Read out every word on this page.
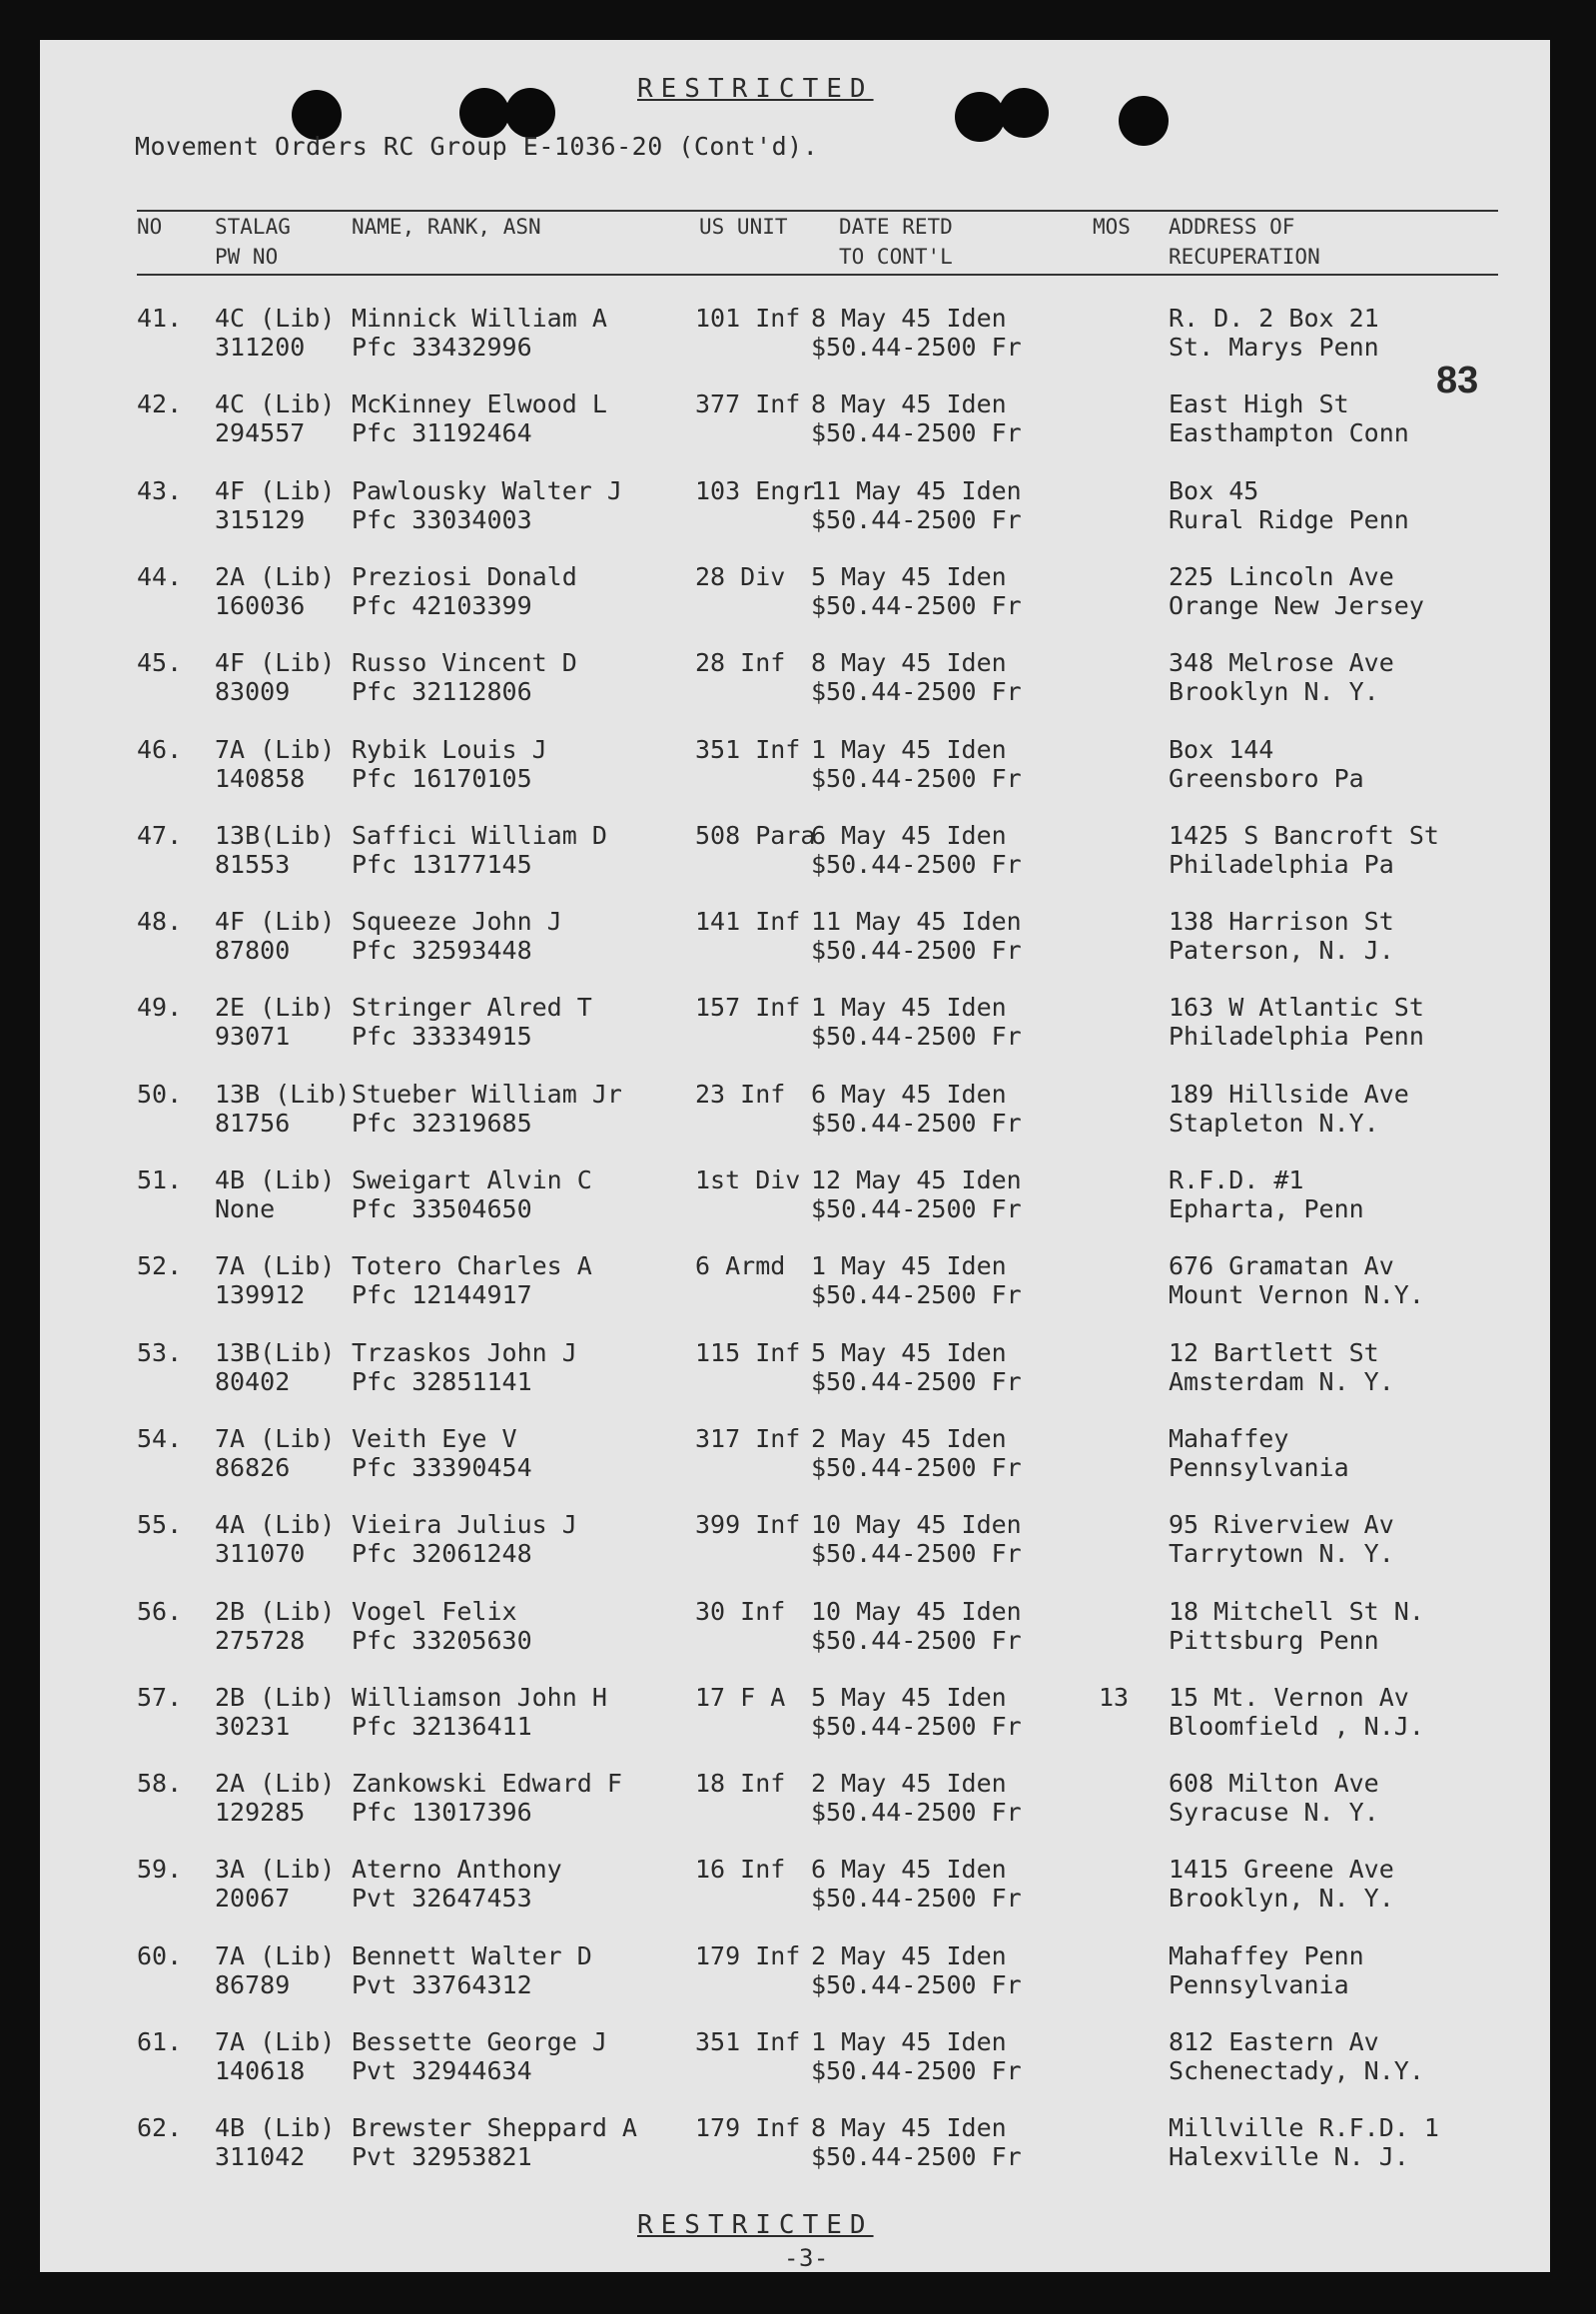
RESTRICTED
Movement Orders RC Group E-1036-20 (Cont'd).
83
NO	STALAG
PW NO
NAME, RANK, ASN	US UNIT DATE RETD
TO CONT'L
MOS ADDRESS OF
RECUPERATION
41. 4C (Lib)
311200
Minnick William A
Pfc 33432996
101 Inf 8 May 45 Iden
$50.44-2500 Fr
R. D. 2 Box 21
St. Marys Penn
42. 4C (Lib)
294557
McKinney Elwood L
Pfc 31192464
377 Inf 8 May 45 Iden
$50.44-2500 Fr
East High St
Easthampton Conn
43. 4F (Lib)
315129
Pawlousky Walter J
Pfc 33034003
103 Engr
11 May 45 Iden
$50.44-2500 Fr
Box 45
Rural Ridge Penn
44. 2A (Lib)
160036
Preziosi Donald
Pfc 42103399
28 Div 5 May 45 Iden
$50.44-2500 Fr
225 Lincoln Ave
Orange New Jersey
45. 4F (Lib)
83009
Russo Vincent D
Pfc 32112806
28 Inf 8 May 45 Iden
$50.44-2500 Fr
348 Melrose Ave
Brooklyn N. Y.
46. 7A (Lib)
140858
Rybik Louis J
Pfc 16170105
351 Inf 1 May 45 Iden
$50.44-2500 Fr
Box 144
Greensboro Pa
47. 13B(Lib)
81553
Saffici William D
Pfc 13177145
508 Para
6 May 45 Iden
$50.44-2500 Fr
1425 S Bancroft St
Philadelphia Pa
48. 4F (Lib)
87800
Squeeze John J
Pfc 32593448
141 Inf 11 May 45 Iden
$50.44-2500 Fr
138 Harrison St
Paterson, N. J.
49. 2E (Lib)
93071
Stringer Alred T
Pfc 33334915
157 Inf 1 May 45 Iden
$50.44-2500 Fr
163 W Atlantic St
Philadelphia Penn
50. 13B (Lib)
81756
Stueber William Jr
Pfc 32319685
23 Inf 6 May 45 Iden
$50.44-2500 Fr
189 Hillside Ave
Stapleton N.Y.
51. 4B (Lib)
None
Sweigart Alvin C
Pfc 33504650
1st Div 12 May 45 Iden
$50.44-2500 Fr
R.F.D. #1
Epharta, Penn
52. 7A (Lib)
139912
Totero Charles A
Pfc 12144917
6 Armd 1 May 45 Iden
$50.44-2500 Fr
676 Gramatan Av
Mount Vernon N.Y.
53. 13B(Lib)
80402
Trzaskos John J
Pfc 32851141
115 Inf 5 May 45 Iden
$50.44-2500 Fr
12 Bartlett St
Amsterdam N. Y.
54. 7A (Lib)
86826
Veith Eye V
Pfc 33390454
317 Inf 2 May 45 Iden
$50.44-2500 Fr
Mahaffey
Pennsylvania
55. 4A (Lib)
311070
Vieira Julius J
Pfc 32061248
399 Inf 10 May 45 Iden
$50.44-2500 Fr
95 Riverview Av
Tarrytown N. Y.
56. 2B (Lib)
275728
Vogel Felix
Pfc 33205630
30 Inf 10 May 45 Iden
$50.44-2500 Fr
18 Mitchell St N.
Pittsburg Penn
57. 2B (Lib)
30231
Williamson John H
Pfc 32136411
17 F A 5 May 45 Iden
$50.44-2500 Fr
13 15 Mt. Vernon Av
Bloomfield , N.J.
58. 2A (Lib)
129285
Zankowski Edward F
Pfc 13017396
18 Inf 2 May 45 Iden
$50.44-2500 Fr
608 Milton Ave
Syracuse N. Y.
59. 3A (Lib)
20067
Aterno Anthony
Pvt 32647453
16 Inf 6 May 45 Iden
$50.44-2500 Fr
1415 Greene Ave
Brooklyn, N. Y.
60. 7A (Lib)
86789
Bennett Walter D
Pvt 33764312
179 Inf 2 May 45 Iden
$50.44-2500 Fr
Mahaffey Penn
Pennsylvania
61. 7A (Lib)
140618
Bessette George J
Pvt 32944634
351 Inf 1 May 45 Iden
$50.44-2500 Fr
812 Eastern Av
Schenectady, N.Y.
62. 4B (Lib)
311042
Brewster Sheppard A
Pvt 32953821
179 Inf 8 May 45 Iden
$50.44-2500 Fr
Millville R.F.D. 1
Halexville N. J.
RESTRICTED
-3-
